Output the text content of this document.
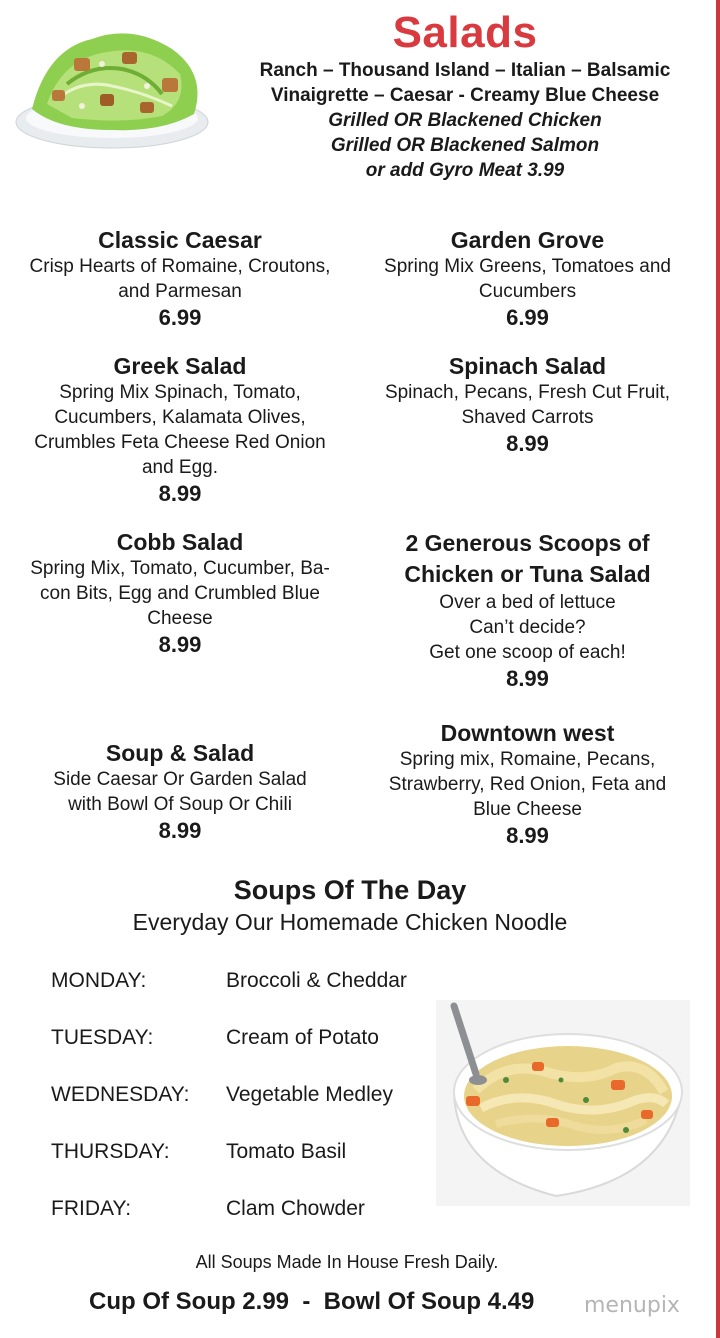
Salads
Ranch – Thousand Island – Italian – Balsamic
Vinaigrette – Caesar - Creamy Blue Cheese
Grilled OR Blackened Chicken
Grilled OR Blackened Salmon
or add Gyro Meat 3.99
Classic Caesar
Crisp Hearts of Romaine, Croutons,
and Parmesan
6.99
Greek Salad
Spring Mix Spinach, Tomato,
Cucumbers, Kalamata Olives,
Crumbles Feta Cheese Red Onion
and Egg.
8.99
Cobb Salad
Spring Mix, Tomato, Cucumber, Ba-
con Bits, Egg and Crumbled Blue
Cheese
8.99
Soup & Salad
Side Caesar Or Garden Salad
with Bowl Of Soup Or Chili
8.99
Garden Grove
Spring Mix Greens, Tomatoes and
Cucumbers
6.99
Spinach Salad
Spinach, Pecans, Fresh Cut Fruit,
Shaved Carrots
8.99
2 Generous Scoops of
Chicken or Tuna Salad
Over a bed of lettuce
Can’t decide?
Get one scoop of each!
8.99
Downtown west
Spring mix, Romaine, Pecans,
Strawberry, Red Onion, Feta and
Blue Cheese
8.99
Soups Of The Day
Everyday Our Homemade Chicken Noodle
MONDAY:	Broccoli & Cheddar
TUESDAY:	Cream of Potato
WEDNESDAY: Vegetable Medley
THURSDAY:	Tomato Basil
FRIDAY:	Clam Chowder
All Soups Made In House Fresh Daily.
Cup Of Soup 2.99  -  Bowl Of Soup 4.49 menupix
